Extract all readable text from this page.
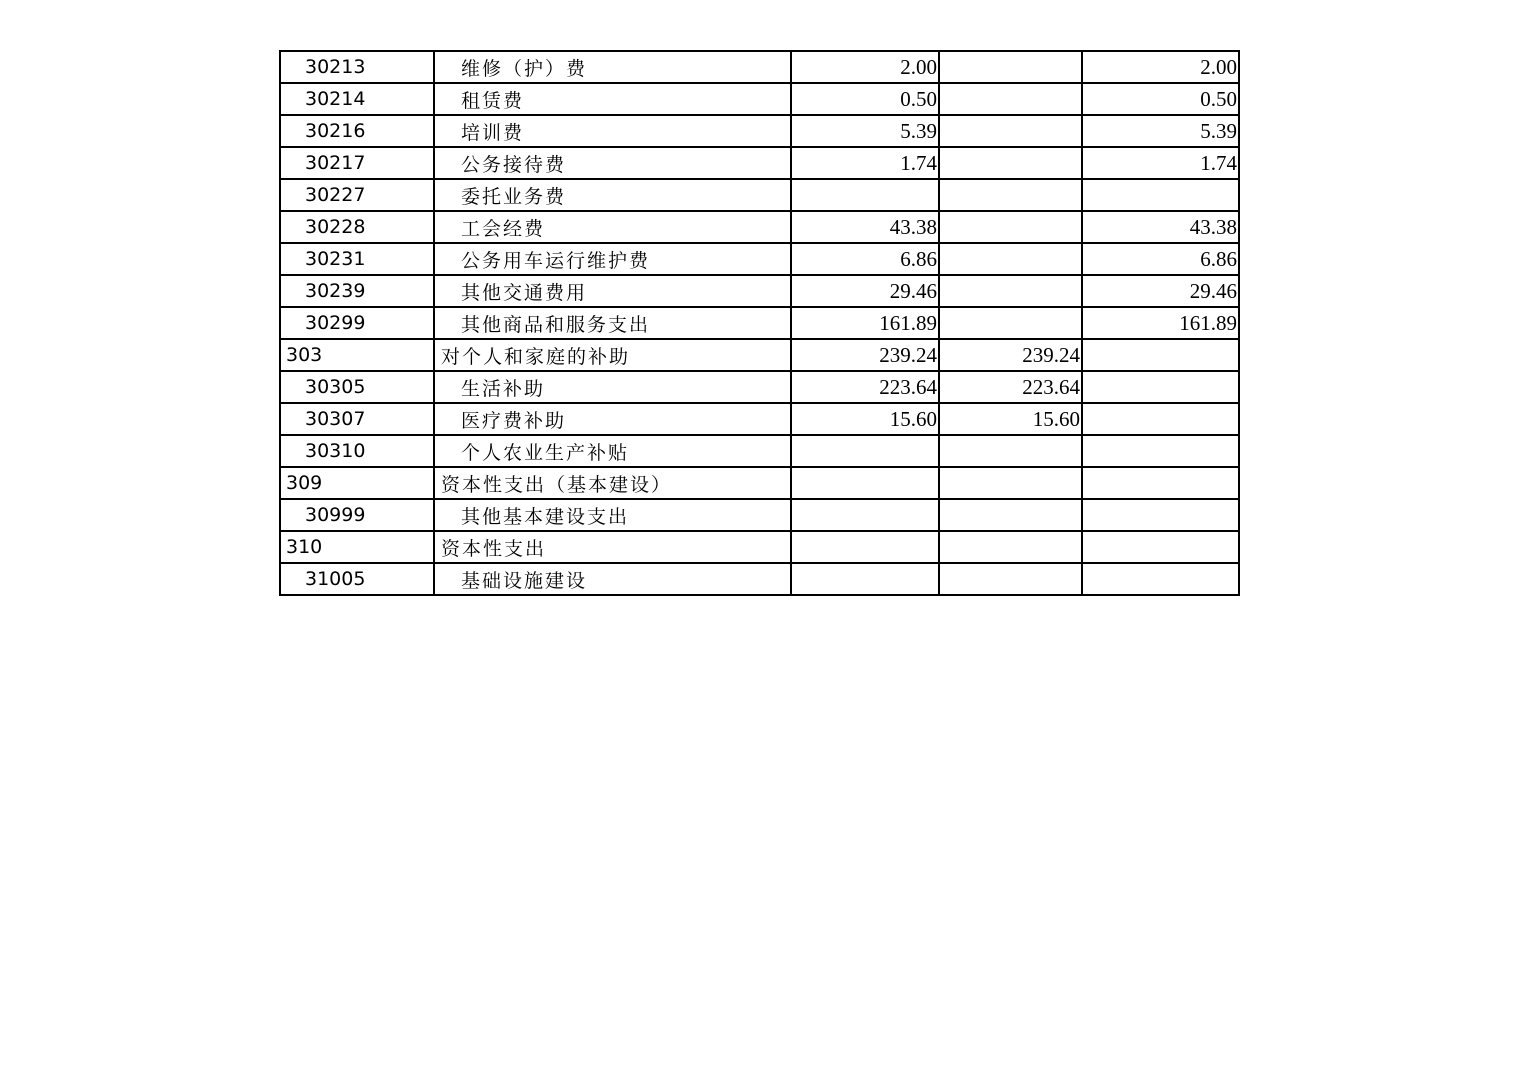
30213	维修（护）费	2.00		2.00
30214	租赁费	0.50		0.50
30216	培训费	5.39		5.39
30217	公务接待费	1.74		1.74
30227	委托业务费			
30228	工会经费	43.38		43.38
30231	公务用车运行维护费	6.86		6.86
30239	其他交通费用	29.46		29.46
30299	其他商品和服务支出	161.89		161.89
303	对个人和家庭的补助	239.24	239.24	
30305	生活补助	223.64	223.64	
30307	医疗费补助	15.60	15.60	
30310	个人农业生产补贴			
309	资本性支出（基本建设）			
30999	其他基本建设支出			
310	资本性支出			
31005	基础设施建设			
